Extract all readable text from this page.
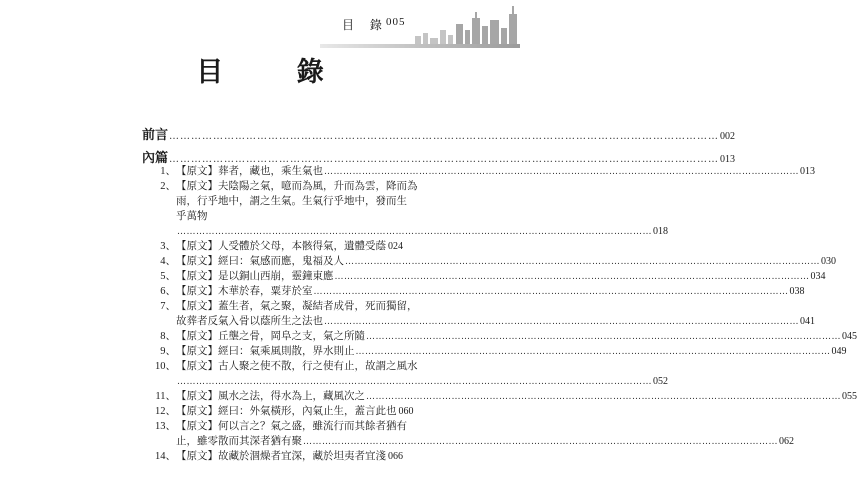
目 錄
005
目 錄
前言 …………………………………………………………………………………………………………………………………… 002
內篇 …………………………………………………………………………………………………………………………………… 013
1、 【原文】葬者，藏也，乘生氣也 …………………………………………………………………………………………………………………………………… 013
2、 【原文】夫陰陽之氣，噫而為風，升而為雲，降而為
雨，行乎地中，謂之生氣。生氣行乎地中，發而生
乎萬物
…………………………………………………………………………………………………………………………………… 018
3、 【原文】人受體於父母，本骸得氣，遺體受蔭 024
4、 【原文】經曰：氣感而應，鬼福及人 …………………………………………………………………………………………………………………………………… 030
5、 【原文】是以銅山西崩，靈鐘東應 …………………………………………………………………………………………………………………………………… 034
6、 【原文】木華於春，粟芽於室 …………………………………………………………………………………………………………………………………… 038
7、 【原文】蓋生者，氣之聚，凝結者成骨，死而獨留，
故葬者反氣入骨以蔭所生之法也 …………………………………………………………………………………………………………………………………… 041
8、 【原文】丘壟之骨，岡阜之支，氣之所隨 …………………………………………………………………………………………………………………………………… 045
9、 【原文】經曰：氣乘風則散，界水則止 …………………………………………………………………………………………………………………………………… 049
10、 【原文】古人聚之使不散，行之使有止，故謂之風水
…………………………………………………………………………………………………………………………………… 052
11、 【原文】風水之法，得水為上，藏風次之 …………………………………………………………………………………………………………………………………… 055
12、 【原文】經曰：外氣橫形，內氣止生，蓋言此也 060
13、 【原文】何以言之？氣之盛，雖流行而其餘者猶有
止，雖零散而其深者猶有聚 …………………………………………………………………………………………………………………………………… 062
14、 【原文】故藏於涸燥者宜深，藏於坦夷者宜淺 066
